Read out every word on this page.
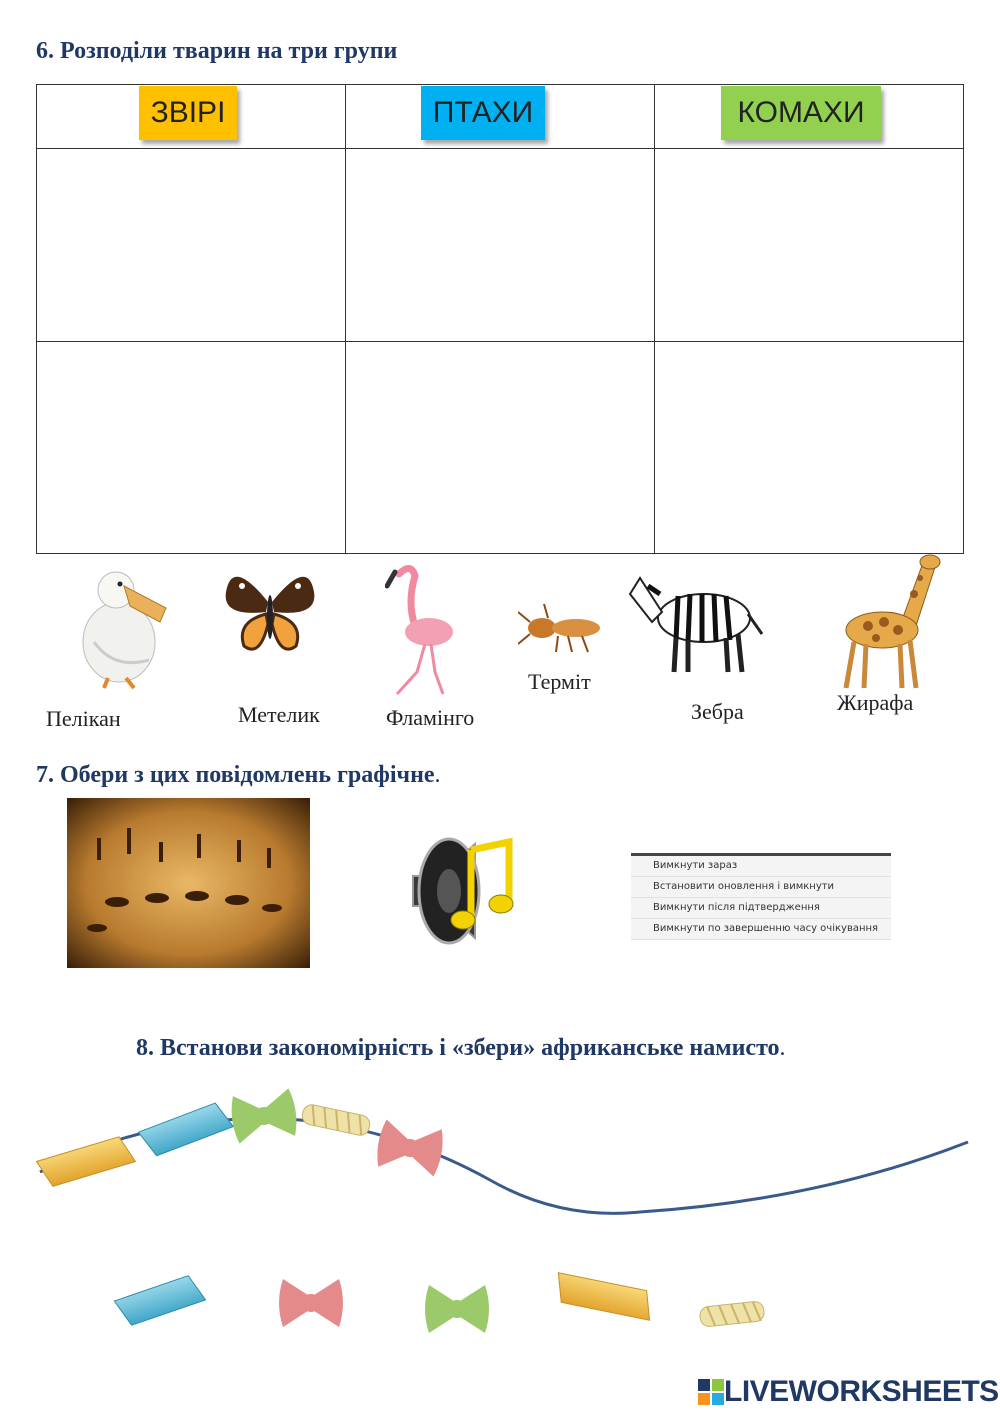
6. Розподіли тварин на три групи
ЗВІРІ	ПТАХИ	КОМАХИ
Пелікан	Метелик	Фламінго
Терміт
Зебра	Жирафа
7. Обери з цих повідомлень графічне.
Вимкнути зараз
Встановити оновлення і вимкнути
Вимкнути після підтвердження
Вимкнути по завершенню часу очікування
8. Встанови закономірність і «збери» африканське намисто.
LIVEWORKSHEETS
